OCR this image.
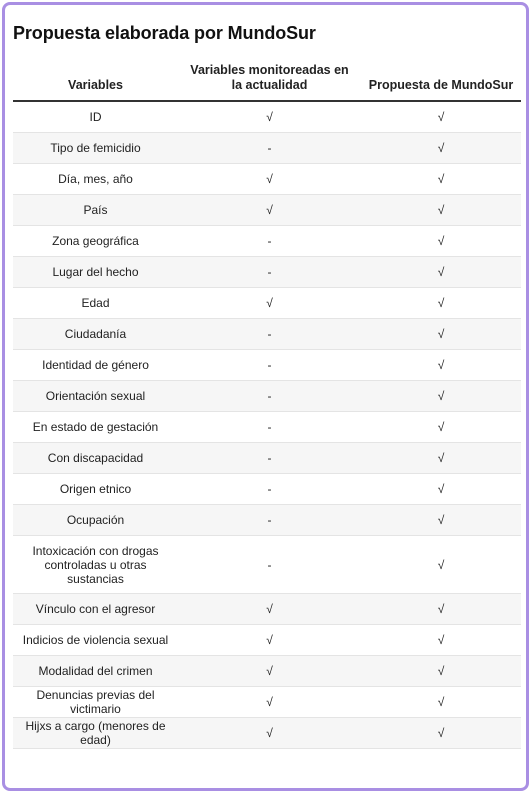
Propuesta elaborada por MundoSur
Variables	Variables monitoreadas en la actualidad	Propuesta de MundoSur
ID	√	√
Tipo de femicidio	-	√
Día, mes, año	√	√
País	√	√
Zona geográfica	-	√
Lugar del hecho	-	√
Edad	√	√
Ciudadanía	-	√
Identidad de género	-	√
Orientación sexual	-	√
En estado de gestación	-	√
Con discapacidad	-	√
Origen etnico	-	√
Ocupación	-	√
Intoxicación con drogas controladas u otras sustancias	-	√
Vínculo con el agresor	√	√
Indicios de violencia sexual	√	√
Modalidad del crimen	√	√
Denuncias previas del victimario	√	√
Hijxs a cargo (menores de edad)	√	√
